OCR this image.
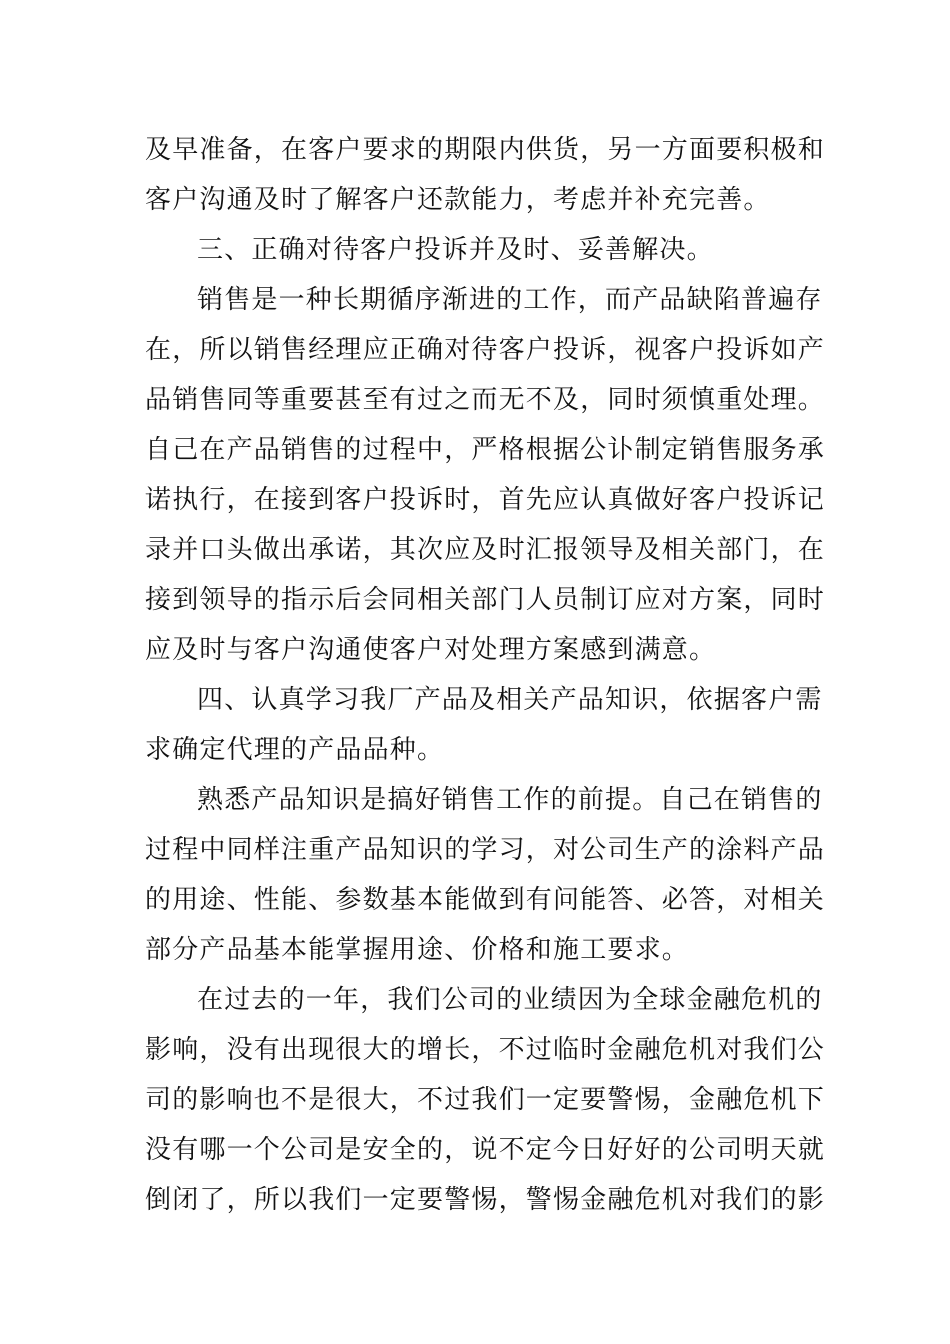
及早准备，在客户要求的期限内供货，另一方面要积极和
客户沟通及时了解客户还款能力，考虑并补充完善。
三、正确对待客户投诉并及时、妥善解决。
销售是一种长期循序渐进的工作，而产品缺陷普遍存
在，所以销售经理应正确对待客户投诉，视客户投诉如产
品销售同等重要甚至有过之而无不及，同时须慎重处理。
自己在产品销售的过程中，严格根据公讣制定销售服务承
诺执行，在接到客户投诉时，首先应认真做好客户投诉记
录并口头做出承诺，其次应及时汇报领导及相关部门，在
接到领导的指示后会同相关部门人员制订应对方案，同时
应及时与客户沟通使客户对处理方案感到满意。
四、认真学习我厂产品及相关产品知识，依据客户需
求确定代理的产品品种。
熟悉产品知识是搞好销售工作的前提。自己在销售的
过程中同样注重产品知识的学习，对公司生产的涂料产品
的用途、性能、参数基本能做到有问能答、必答，对相关
部分产品基本能掌握用途、价格和施工要求。
在过去的一年，我们公司的业绩因为全球金融危机的
影响，没有出现很大的增长，不过临时金融危机对我们公
司的影响也不是很大，不过我们一定要警惕，金融危机下
没有哪一个公司是安全的，说不定今日好好的公司明天就
倒闭了，所以我们一定要警惕，警惕金融危机对我们的影
